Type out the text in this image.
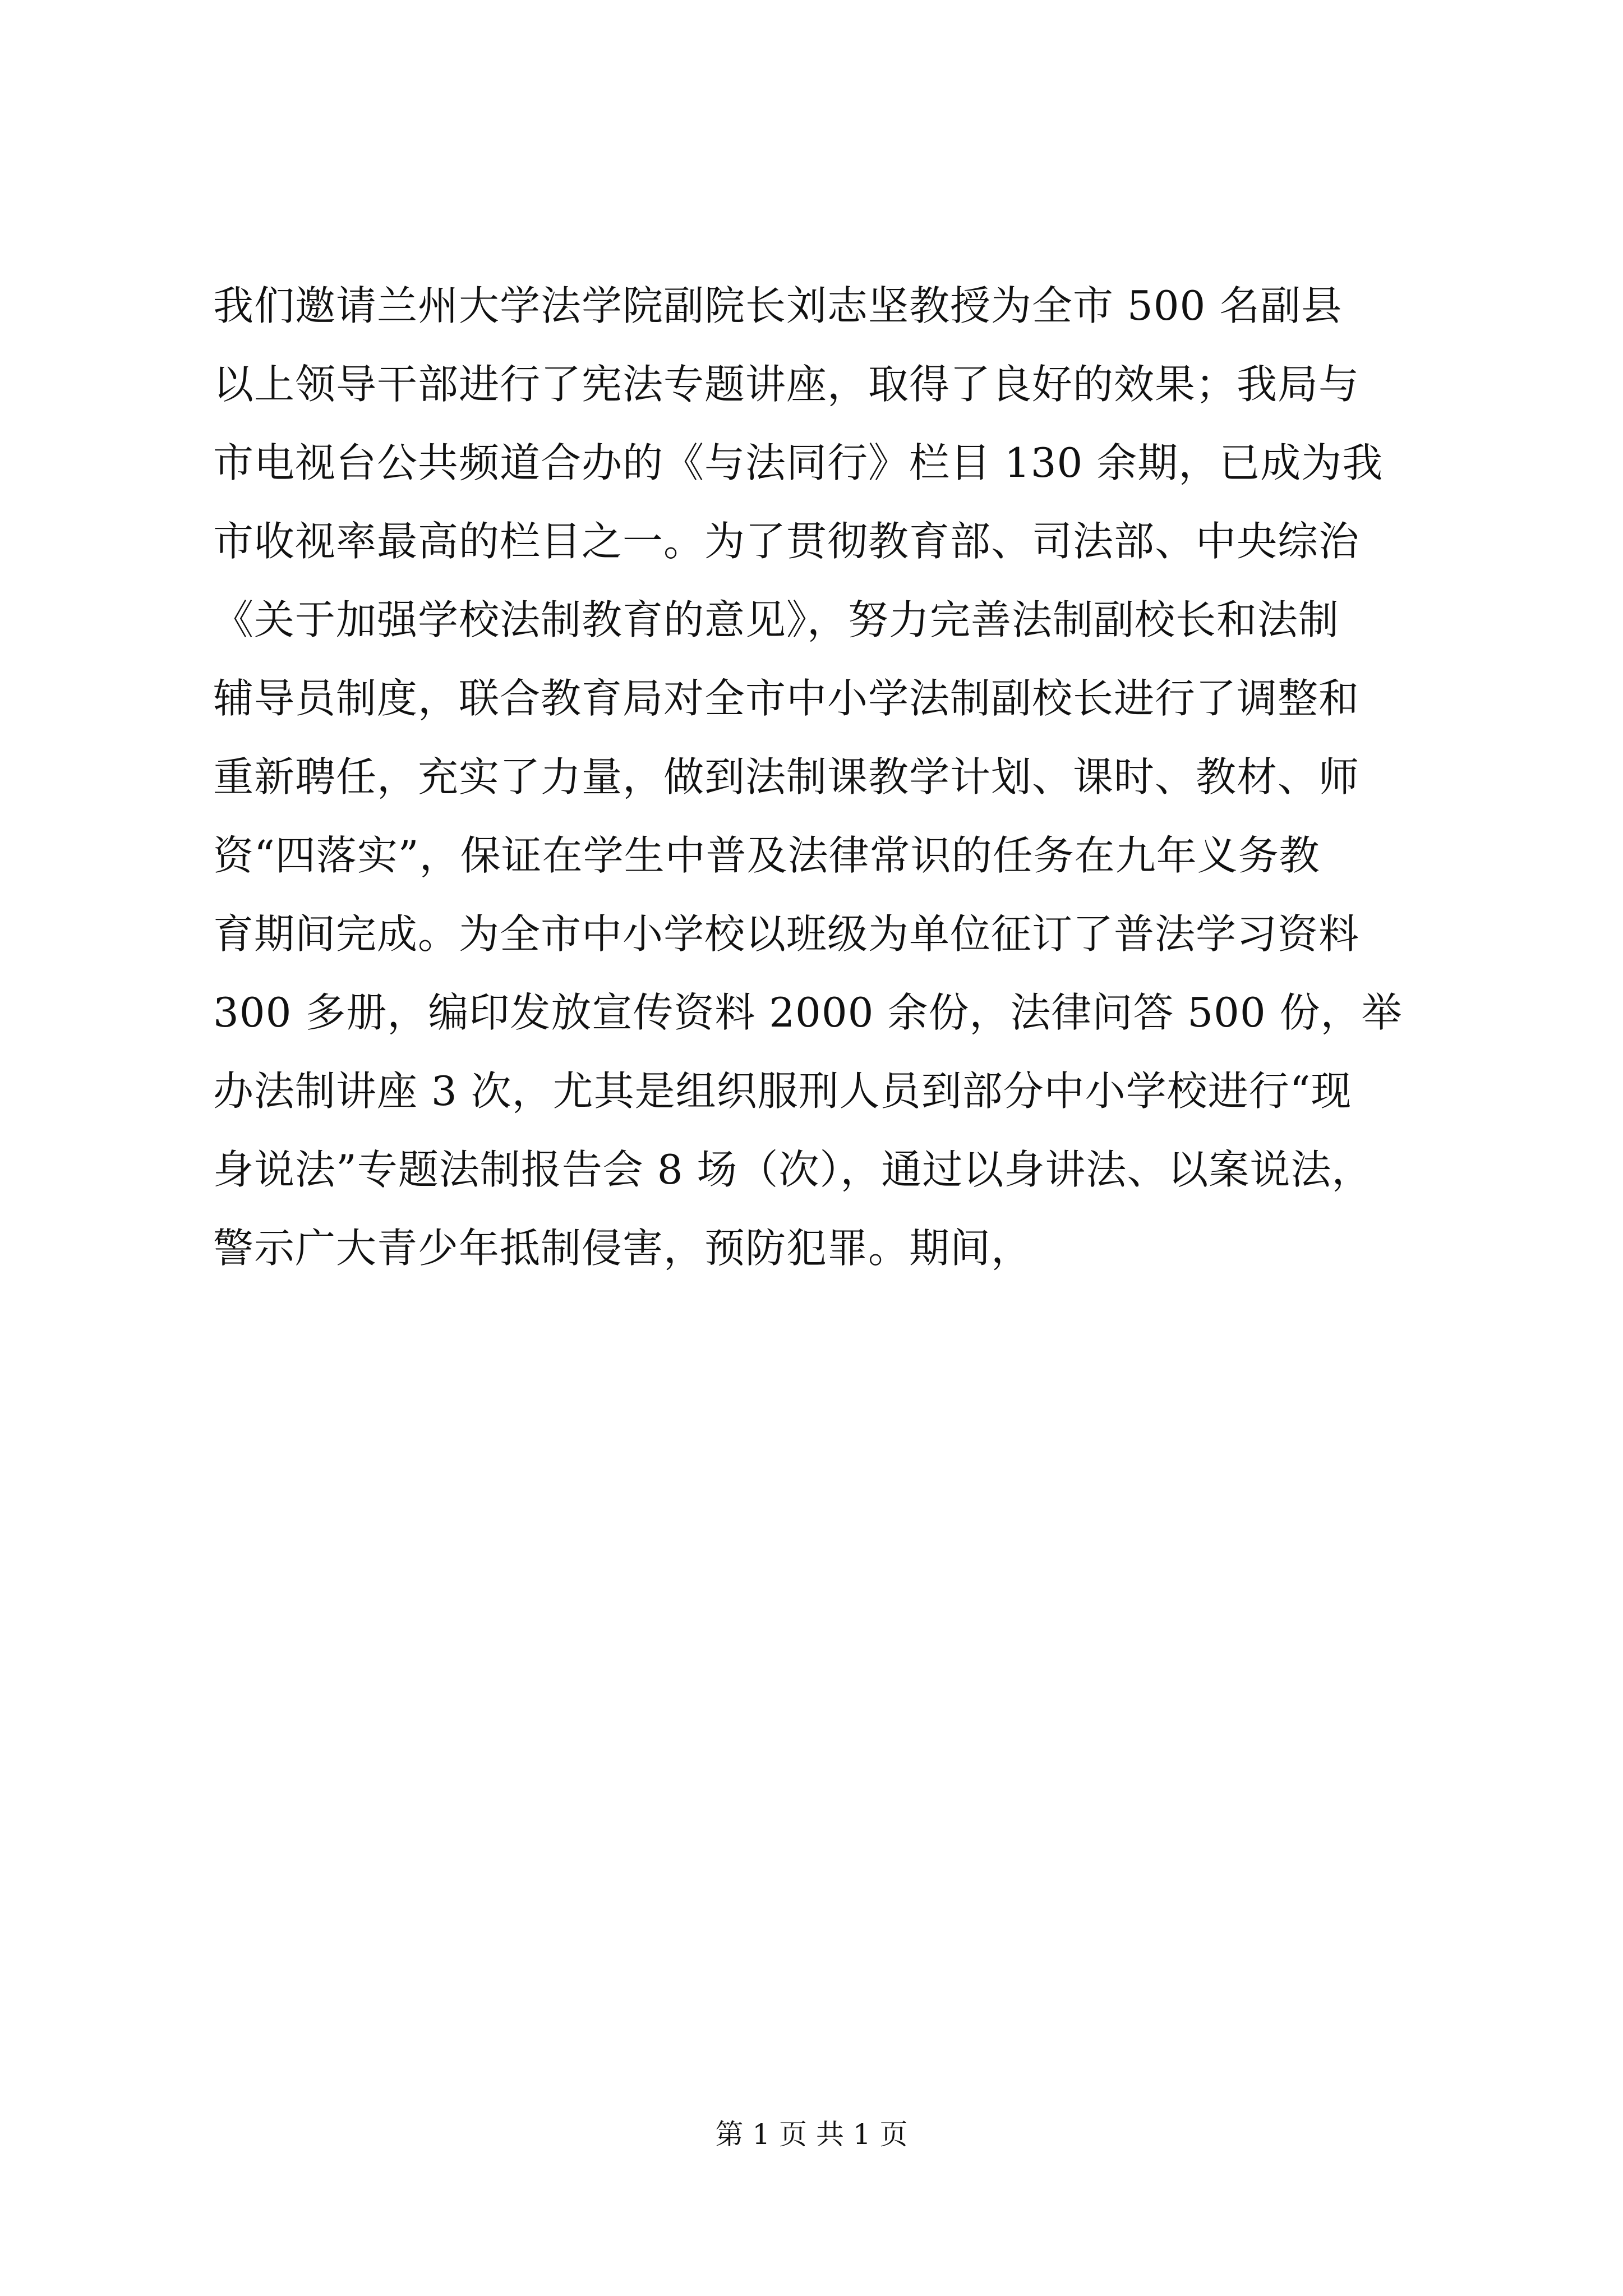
我们邀请兰州大学法学院副院长刘志坚教授为全市 500 名副县
以上领导干部进行了宪法专题讲座，取得了良好的效果；我局与
市电视台公共频道合办的《与法同行》栏目 130 余期，已成为我
市收视率最高的栏目之一。为了贯彻教育部、司法部、中央综治
《关于加强学校法制教育的意见》，努力完善法制副校长和法制
辅导员制度，联合教育局对全市中小学法制副校长进行了调整和
重新聘任，充实了力量，做到法制课教学计划、课时、教材、师
资“四落实”，保证在学生中普及法律常识的任务在九年义务教
育期间完成。为全市中小学校以班级为单位征订了普法学习资料
300 多册，编印发放宣传资料 2000 余份，法律问答 500 份，举
办法制讲座 3 次，尤其是组织服刑人员到部分中小学校进行“现
身说法”专题法制报告会 8 场（次），通过以身讲法、以案说法，
警示广大青少年抵制侵害，预防犯罪。期间，
第 1 页 共 1 页
